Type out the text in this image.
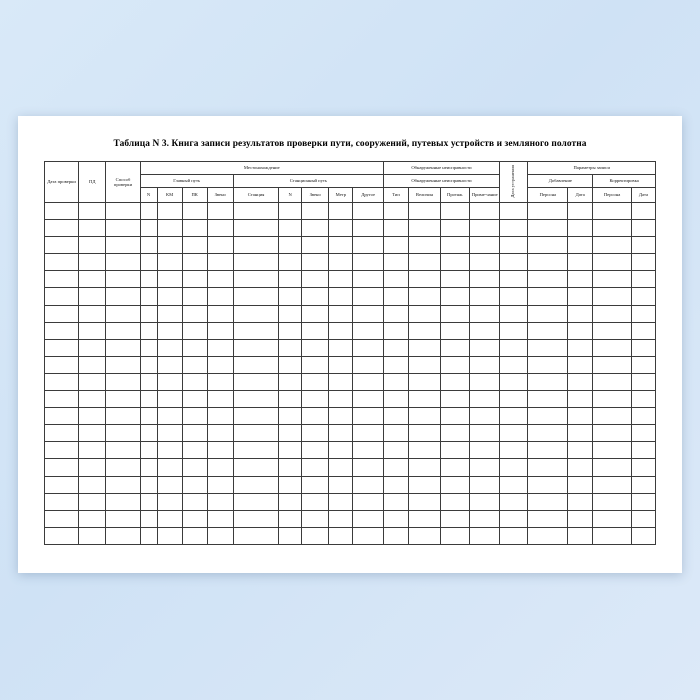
Таблица N 3. Книга записи результатов проверки пути, сооружений, путевых устройств и земляного полотна
Дата проверки	ПД	Способ проверки	Местонахождение									Обнаруженные неисправности				Дата устранения	Параметры записи			
			Главный путь				Станционный путь					Обнаруженные неисправности					Добавление		Корректировка	
			N	КМ	ПК	Звено	Станция	N	Звено	Метр	Другое	Тип	Величин	Протяж.	Приме-чание		Персона	Дата	Персона	Дата
